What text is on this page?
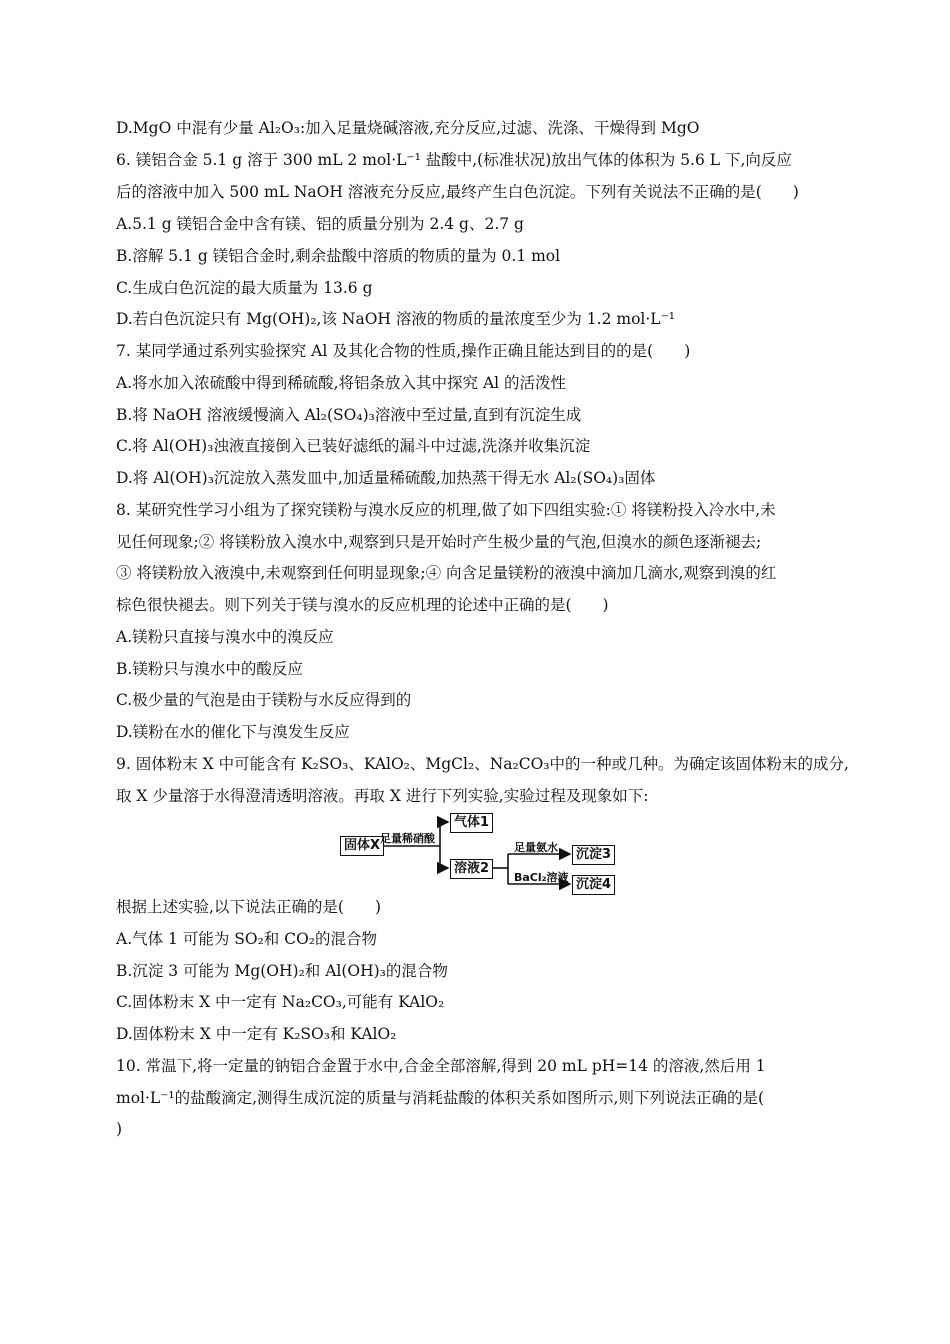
D.MgO 中混有少量 Al₂O₃:加入足量烧碱溶液,充分反应,过滤、洗涤、干燥得到 MgO
6. 镁铝合金 5.1 g 溶于 300 mL 2 mol·L⁻¹ 盐酸中,(标准状况)放出气体的体积为 5.6 L 下,向反应
后的溶液中加入 500 mL NaOH 溶液充分反应,最终产生白色沉淀。下列有关说法不正确的是(　　)
A.5.1 g 镁铝合金中含有镁、铝的质量分别为 2.4 g、2.7 g
B.溶解 5.1 g 镁铝合金时,剩余盐酸中溶质的物质的量为 0.1 mol
C.生成白色沉淀的最大质量为 13.6 g
D.若白色沉淀只有 Mg(OH)₂,该 NaOH 溶液的物质的量浓度至少为 1.2 mol·L⁻¹
7. 某同学通过系列实验探究 Al 及其化合物的性质,操作正确且能达到目的的是(　　)
A.将水加入浓硫酸中得到稀硫酸,将铝条放入其中探究 Al 的活泼性
B.将 NaOH 溶液缓慢滴入 Al₂(SO₄)₃溶液中至过量,直到有沉淀生成
C.将 Al(OH)₃浊液直接倒入已装好滤纸的漏斗中过滤,洗涤并收集沉淀
D.将 Al(OH)₃沉淀放入蒸发皿中,加适量稀硫酸,加热蒸干得无水 Al₂(SO₄)₃固体
8. 某研究性学习小组为了探究镁粉与溴水反应的机理,做了如下四组实验:① 将镁粉投入冷水中,未
见任何现象;② 将镁粉放入溴水中,观察到只是开始时产生极少量的气泡,但溴水的颜色逐渐褪去;
③ 将镁粉放入液溴中,未观察到任何明显现象;④ 向含足量镁粉的液溴中滴加几滴水,观察到溴的红
棕色很快褪去。则下列关于镁与溴水的反应机理的论述中正确的是(　　)
A.镁粉只直接与溴水中的溴反应
B.镁粉只与溴水中的酸反应
C.极少量的气泡是由于镁粉与水反应得到的
D.镁粉在水的催化下与溴发生反应
9. 固体粉末 X 中可能含有 K₂SO₃、KAlO₂、MgCl₂、Na₂CO₃中的一种或几种。为确定该固体粉末的成分,
取 X 少量溶于水得澄清透明溶液。再取 X 进行下列实验,实验过程及现象如下:
固体X 足量稀硝酸
气体1
溶液2
足量氨水
BaCl₂溶液
沉淀3
沉淀4
根据上述实验,以下说法正确的是(　　)
A.气体 1 可能为 SO₂和 CO₂的混合物
B.沉淀 3 可能为 Mg(OH)₂和 Al(OH)₃的混合物
C.固体粉末 X 中一定有 Na₂CO₃,可能有 KAlO₂
D.固体粉末 X 中一定有 K₂SO₃和 KAlO₂
10. 常温下,将一定量的钠铝合金置于水中,合金全部溶解,得到 20 mL pH=14 的溶液,然后用 1
mol·L⁻¹的盐酸滴定,测得生成沉淀的质量与消耗盐酸的体积关系如图所示,则下列说法正确的是(
)
